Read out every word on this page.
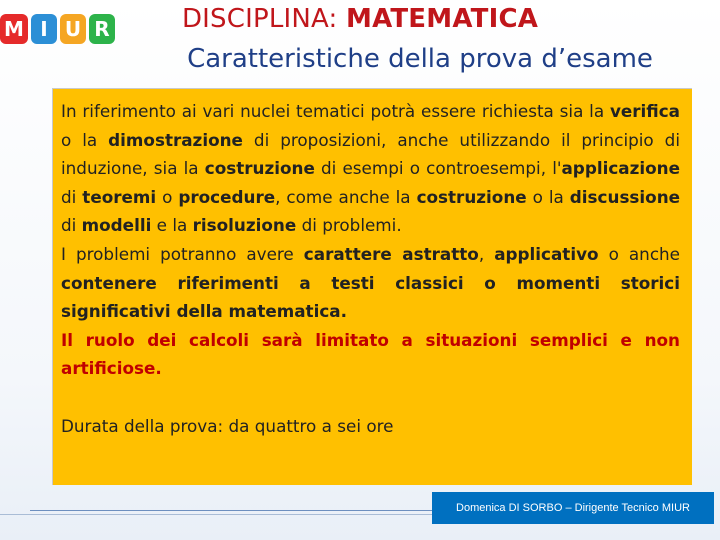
M I U R	DISCIPLINA: MATEMATICA
Caratteristiche della prova d’esame

In riferimento ai vari nuclei tematici potrà essere richiesta sia la verifica o la dimostrazione di proposizioni, anche utilizzando il principio di induzione, sia la costruzione di esempi o controesempi, l'applicazione di teoremi o procedure, come anche la costruzione o la discussione di modelli e la risoluzione di problemi.

I problemi potranno avere carattere astratto, applicativo o anche contenere riferimenti a testi classici o momenti storici significativi della matematica.

Il ruolo dei calcoli sarà limitato a situazioni semplici e non artificiose.

Durata della prova: da quattro a sei ore

Domenica DI SORBO – Dirigente Tecnico MIUR
